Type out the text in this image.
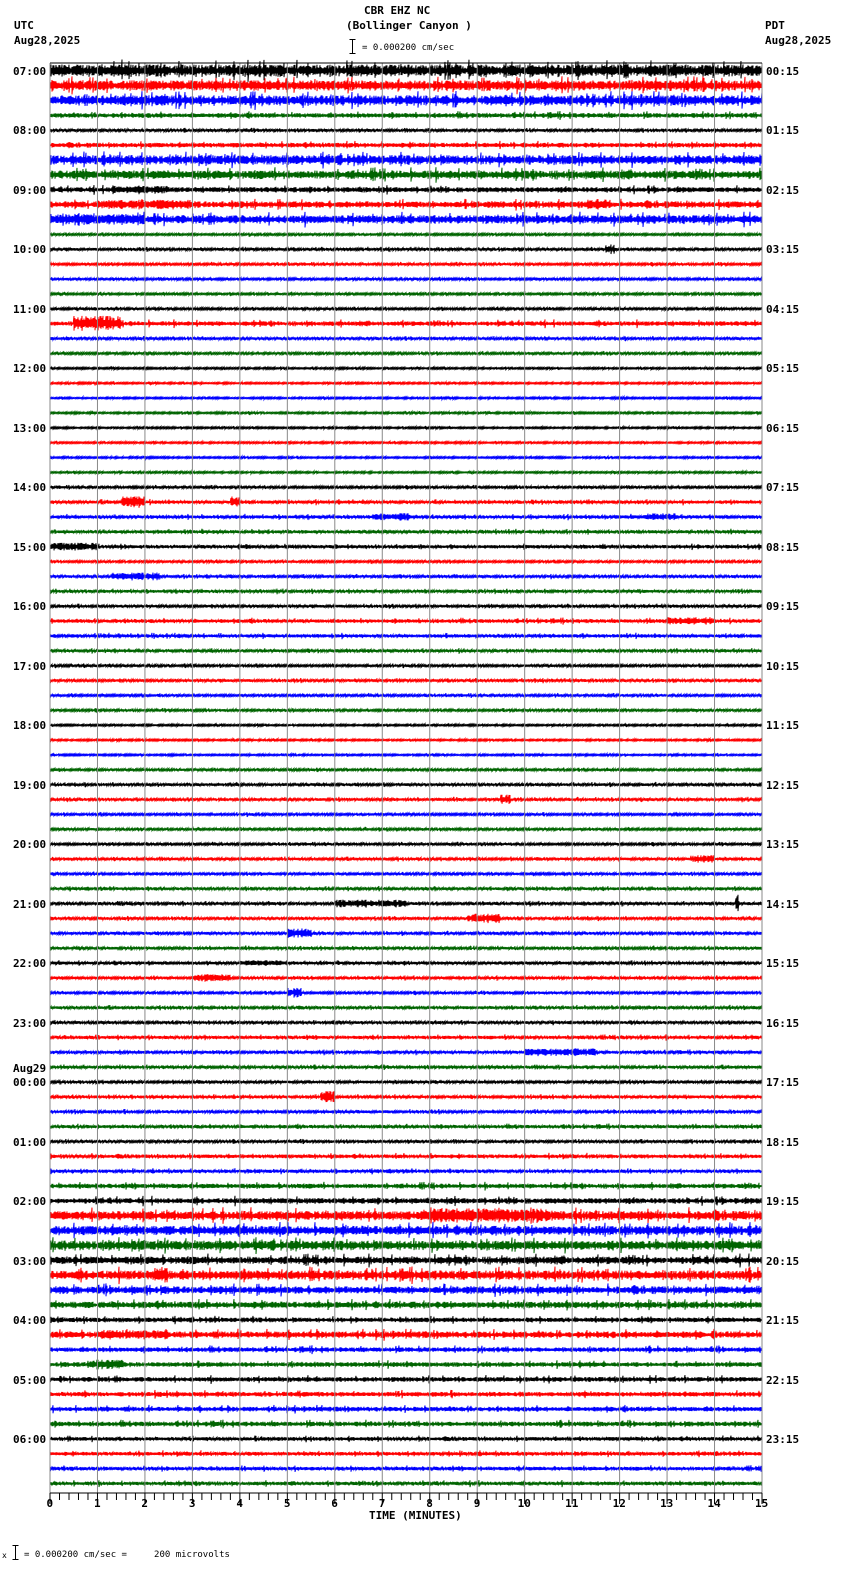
CBR EHZ NC
(Bollinger Canyon )
UTC
Aug28,2025
PDT
Aug28,2025
= 0.000200 cm/sec
07:00
08:00
09:00
10:00
11:00
12:00
13:00
14:00
15:00
16:00
17:00
18:00
19:00
20:00
21:00
22:00
23:00
00:00
Aug29
01:00
02:00
03:00
04:00
05:00
06:00
00:15
01:15
02:15
03:15
04:15
05:15
06:15
07:15
08:15
09:15
10:15
11:15
12:15
13:15
14:15
15:15
16:15
17:15
18:15
19:15
20:15
21:15
22:15
23:15
0	1	2	3	4	5	6	7	8	9	10	11	12	13	14	15
TIME (MINUTES)
x = 0.000200 cm/sec =     200 microvolts
